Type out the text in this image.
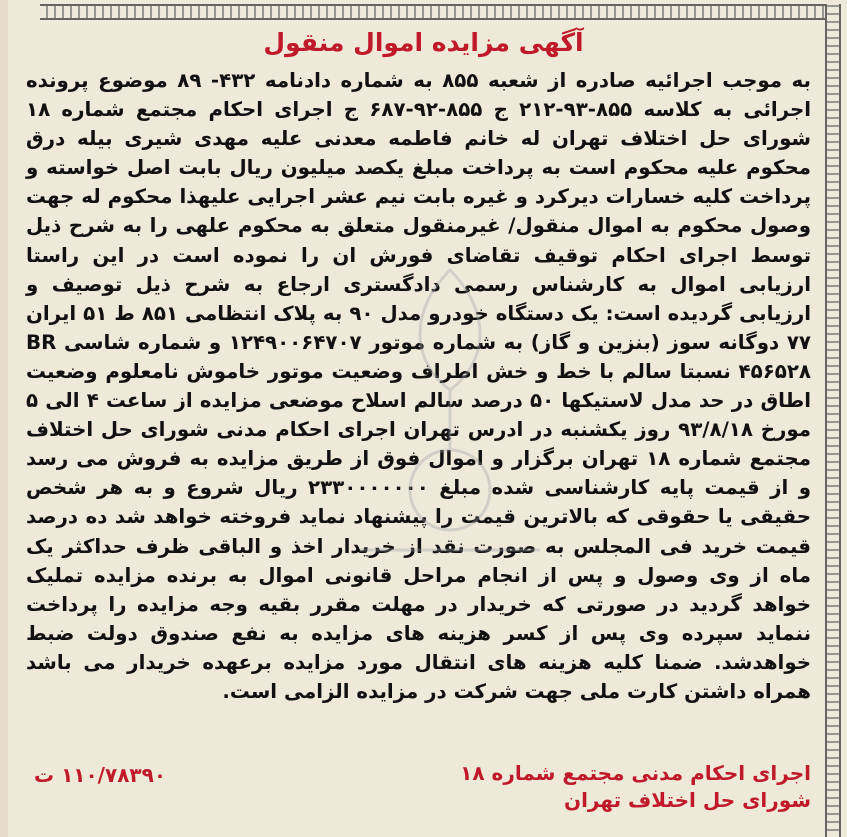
آگهی مزایده اموال منقول

به موجب اجرائیه صادره از شعبه ۸۵۵ به شماره دادنامه ۴۳۲- ۸۹ موضوع پرونده اجرائی به کلاسه ۸۵۵-۹۳-۲۱۲ ج ۸۵۵-۹۲-۶۸۷ ج اجرای احکام مجتمع شماره ۱۸ شورای حل اختلاف تهران له خانم فاطمه معدنی علیه مهدی شیری بیله درق محکوم علیه محکوم است به پرداخت مبلغ یکصد میلیون ریال بابت اصل خواسته و پرداخت کلیه خسارات دیرکرد و غیره بابت نیم عشر اجرایی علیهذا محکوم له جهت وصول محکوم به اموال منقول/ غیرمنقول متعلق به محکوم علهی را به شرح ذیل توسط اجرای احکام توقیف تقاضای فورش ان را نموده است در این راستا ارزیابی اموال به کارشناس رسمی دادگستری ارجاع به شرح ذیل توصیف و ارزیابی گردیده است: یک دستگاه خودرو مدل ۹۰ به پلاک انتظامی ۸۵۱ ط ۵۱ ایران ۷۷ دوگانه سوز (بنزین و گاز) به شماره موتور ۱۲۴۹۰۰۶۴۷۰۷ و شماره شاسی BR ۴۵۶۵۲۸ نسبتا سالم با خط و خش اطراف وضعیت موتور خاموش نامعلوم وضعیت اطاق در حد مدل لاستیکها ۵۰ درصد سالم اسلاح موضعی مزایده از ساعت ۴ الی ۵ مورخ ۹۳/۸/۱۸ روز یکشنبه در ادرس تهران اجرای احکام مدنی شورای حل اختلاف مجتمع شماره ۱۸ تهران برگزار و اموال فوق از طریق مزایده به فروش می رسد و از قیمت پایه کارشناسی شده مبلغ ۲۳۳۰۰۰۰۰۰۰ ریال شروع و به هر شخص حقیقی یا حقوقی که بالاترین قیمت را پیشنهاد نماید فروخته خواهد شد ده درصد قیمت خرید فی المجلس به صورت نقد از خریدار اخذ و الباقی ظرف حداکثر یک ماه از وی وصول و پس از انجام مراحل قانونی اموال به برنده مزایده تملیک خواهد گردید در صورتی که خریدار در مهلت مقرر بقیه وجه مزایده را پرداخت ننماید سپرده وی پس از کسر هزینه های مزایده به نفع صندوق دولت ضبط خواهدشد. ضمنا کلیه هزینه های انتقال مورد مزایده برعهده خریدار می باشد همراه داشتن کارت ملی جهت شرکت در مزایده الزامی است.

اجرای احکام مدنی مجتمع شماره ۱۸
شورای حل اختلاف تهران
۱۱۰/۷۸۳۹۰ ت
